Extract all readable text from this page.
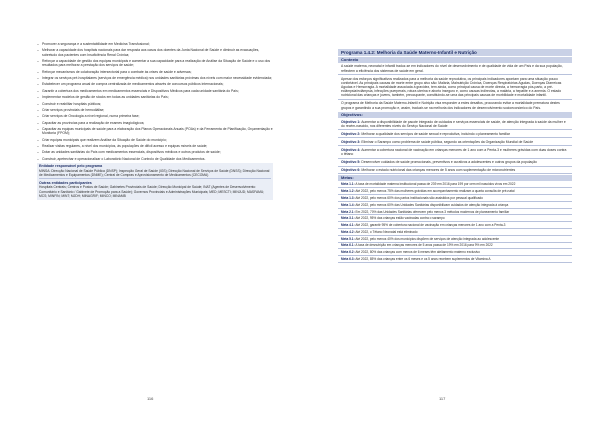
– Promover a segurança e a sustentabilidade em Medicina Transfusional;

– Melhorar a capacidade dos hospitais nacionais para dar resposta aos casos dos doentes da Junta Nacional de Saúde e diminuir as evacuações, sobretudo dos pacientes com Insuficiência Renal Crónica;

– Reforçar a capacidade de gestão dos equipas municipais e aumentar a sua capacidade para a realização de Análise da Situação de Saúde e o uso dos resultados para melhorar a prestação dos serviços de saúde;

– Reforçar mecanismos de colaboração intersectorial para o combate às crises de saúde e adversas;

– Integrar os serviços pré-hospitalares (serviços de emergência médica) nos unidades sanitárias próximas dos níveis com maior necessidade evidenciada;

– Estabelecer um programa anual de compra centralizada de medicamentos através de concursos públicos internacionais;

– Garantir a cobertura dos medicamentos em medicamentos essenciais e Dispositivos Médicos para cada unidade sanitária do País;

– Implementar modelos de gestão de stocks em todas as unidades sanitárias do País;

– Construir e reabilitar hospitais públicos;

– Criar serviços provinciais de hemodiálise;

– Criar serviços de Oncologia a nível regional, numa primeira fase;

– Capacitar as províncias para a realização de exames imagiológicos;

– Capacitar as equipas municipais de saúde para a elaboração dos Planos Operacionais Anuais (POAs) e da Ferramenta de Planificação, Orçamentação e Monitoria (FPOM);

– Criar equipas municipais que realizem Análise da Situação de Saúde do município;

– Realizar visitas regulares, a nível dos municípios, às populações de difícil acesso e equipas móveis de saúde;

– Dotar as unidades sanitárias do País com medicamentos essenciais, dispositivos médicos e outros produtos de saúde;

– Construir, apetrechar e operacionalizar o Laboratório Nacional de Controlo de Qualidade dos Medicamentos.

Entidade responsável pelo programa
MINSA: Direcção Nacional de Saúde Pública (DNSP); Inspecção Geral de Saúde (IGS); Direcção Nacional de Serviços de Saúde (DNSS); Direcção Nacional de Medicamentos e Equipamentos (DNME); Central de Compras e Aprovisionamento de Medicamentos (CECOMA)
Outras entidades participantes
Hospitais Centrais; Centros e Postos de Saúde; Gabinetes Provinciais de Saúde; Direcção Municipal de Saúde; INAT (Agentes de Desenvolvimento Comunitário e Sanitário / Gabinete de Promoção para a Saúde); Governos Provinciais e Administrações Municipais; MED; MESCTI; MINJUD; MASFAMU; MCS; MINFIN; MINT; MJDH; MINAGRIF; MINCO; MINAMB
116
Programa 1.4.2: Melhoria da Saúde Materno-Infantil e Nutrição
Contexto

A saúde materna, neonatal e infantil traduz-se em indicadores do nível de desenvolvimento e de qualidade de vida de um País e da sua população, reflectem a eficiência dos sistemas de saúde em geral.

Apesar dos esforços significativos realizados para a melhoria da saúde reprodutiva, os principais indicadores apontam para uma situação pouco confortável. As principais causas de morte entre grupo alvo são: Malária, Malnutrição Crónica, Doenças Respiratórias Agudas, Doenças Diarreicas Agudas e Hemorragia. A mortalidade associada à gravidez, tem ainda, como principal causa de morte directa, a hemorragia pós-parto, a pré-eclâmpsia/eclâmpsia, infecções puerperais, rotura uterina e aborto inseguro e, como causas indirectas, a malária, a hepatite e a anemia. O estado nutricional das crianças e jovens, também, preocupante, constituindo-se uma das principais causas de morbilidade e mortalidade infantil.

O programa de Melhoria da Saúde Materno-Infantil e Nutrição visa responder a estes desafios, procurando evitar a mortalidade prematura destes grupos e garantindo a sua promoção e, assim, traduzir-se na melhoria dos indicadores de desenvolvimento socioeconómico do País.

Objectivos:

Objectivo 1: Aumentar a disponibilidade de pacote integrado de cuidados e serviços essenciais de saúde, de atenção integrada à saúde da mulher e do recém-nascido, nos diferentes níveis do Serviço Nacional de Saúde

Objectivo 2: Melhorar a qualidade dos serviços de saúde sexual e reprodutiva, incluindo o planeamento familiar

Objectivo 3: Eliminar o Sarampo como problema de saúde pública, segundo as orientações da Organização Mundial de Saúde

Objectivo 4: Aumentar a cobertura nacional de vacinação em crianças menores de 1 ano com a Penta-3 e mulheres grávidas com duas doses contra o tétano

Objectivo 5: Desenvolver cuidados de saúde promocionais, preventivos e curativos a adolescentes e outros grupos da população

Objectivo 6: Melhorar o estado nutricional das crianças menores de 5 anos com suplementação de micronutrientes

Metas:

Meta 1.1: A taxa de mortalidade materna institucional passa de 239 em 2016 para 199 por cem mil nascidos vivos em 2022

Meta 1.2: Até 2022, pelo menos 75% das mulheres grávidas em acompanhamento realizam a quarta consulta de pré-natal

Meta 1.3: Até 2022, pelo menos 60% dos partos institucionais são assistidos por pessoal qualificado

Meta 1.4: Até 2022, pelo menos 60% das Unidades Sanitárias disponibilizam cuidados de atenção integrada à criança

Meta 2.1: Em 2022, 70% das Unidades Sanitárias oferecem pelo menos 3 métodos modernos de planeamento familiar

Meta 3.1: Até 2022, 95% das crianças estão vacinadas contra o sarampo

Meta 4.1: Até 2022, garantir 95% de cobertura nacional de vacinação em crianças menores de 1 ano com a Penta-3

Meta 4.2: Até 2022, o Tétano Neonatal está eliminado

Meta 5.1: Até 2022, pelo menos 40% dos municípios dispõem de serviços de atenção integrada ao adolescente

Meta 6.1: A taxa de desnutrição em crianças menores de 5 anos passa de 19% em 2016 para 9% em 2022

Meta 6.2: Até 2022, 80% das crianças com menos de 6 meses têm aleitamento materno exclusivo

Meta 6.3: Até 2022, 85% das crianças entre os 6 meses e os 5 anos recebem suplementos de Vitamina A

117
